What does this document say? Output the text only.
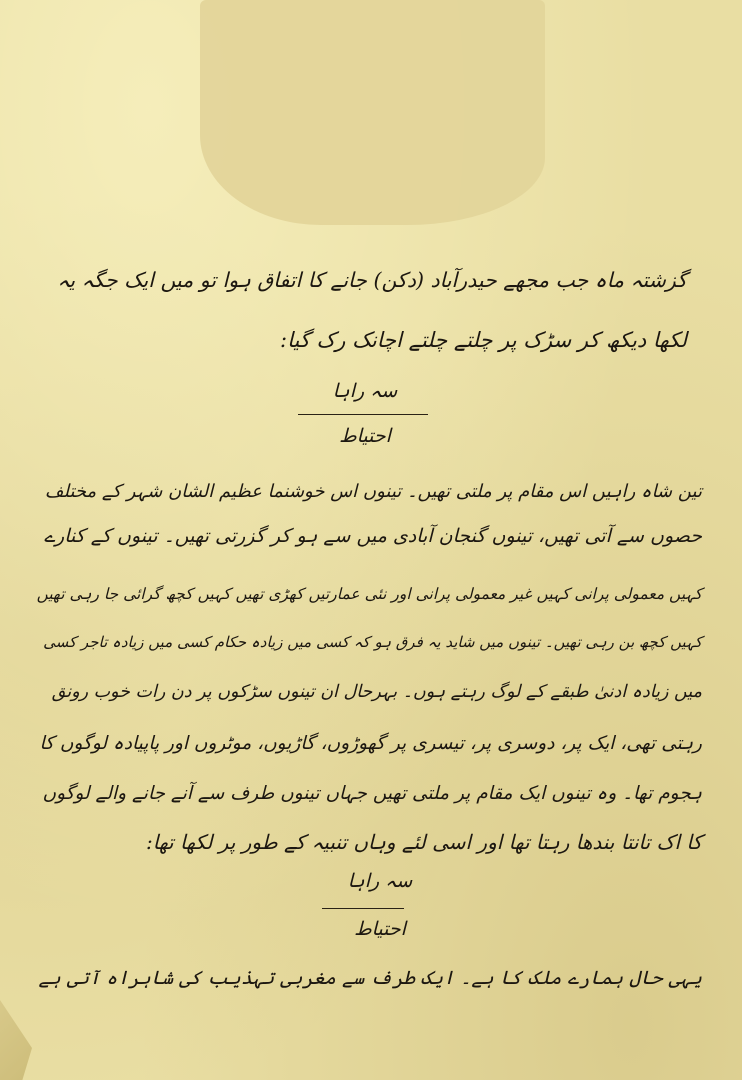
گزشتہ ماہ جب مجھے حیدرآباد (دکن) جانے کا اتفاق ہوا تو میں ایک جگہ یہ
لکھا دیکھ کر سڑک پر چلتے چلتے اچانک رک گیا:
سہ راہا
احتیاط
تین شاہ راہیں اس مقام پر ملتی تھیں۔ تینوں اس خوشنما عظیم الشان شہر کے مختلف
حصوں سے آتی تھیں، تینوں گنجان آبادی میں سے ہو کر گزرتی تھیں۔ تینوں کے کنارے
کہیں معمولی پرانی کہیں غیر معمولی پرانی اور نئی عمارتیں کھڑی تھیں کہیں کچھ گرائی جا رہی تھیں
کہیں کچھ بن رہی تھیں۔ تینوں میں شاید یہ فرق ہو کہ کسی میں زیادہ حکام کسی میں زیادہ تاجر کسی
میں زیادہ ادنیٰ طبقے کے لوگ رہتے ہوں۔ بہرحال ان تینوں سڑکوں پر دن رات خوب رونق
رہتی تھی، ایک پر، دوسری پر، تیسری پر گھوڑوں، گاڑیوں، موٹروں اور پاپیادہ لوگوں کا
ہجوم تھا۔ وہ تینوں ایک مقام پر ملتی تھیں جہاں تینوں طرف سے آنے جانے والے لوگوں
کا اک تانتا بندھا رہتا تھا اور اسی لئے وہاں تنبیہ کے طور پر لکھا تھا:
سہ راہا
احتیاط
یہی حال ہمارے ملک کا ہے۔ ایک طرف سے مغربی تہذیب کی شاہراہ آتی ہے
